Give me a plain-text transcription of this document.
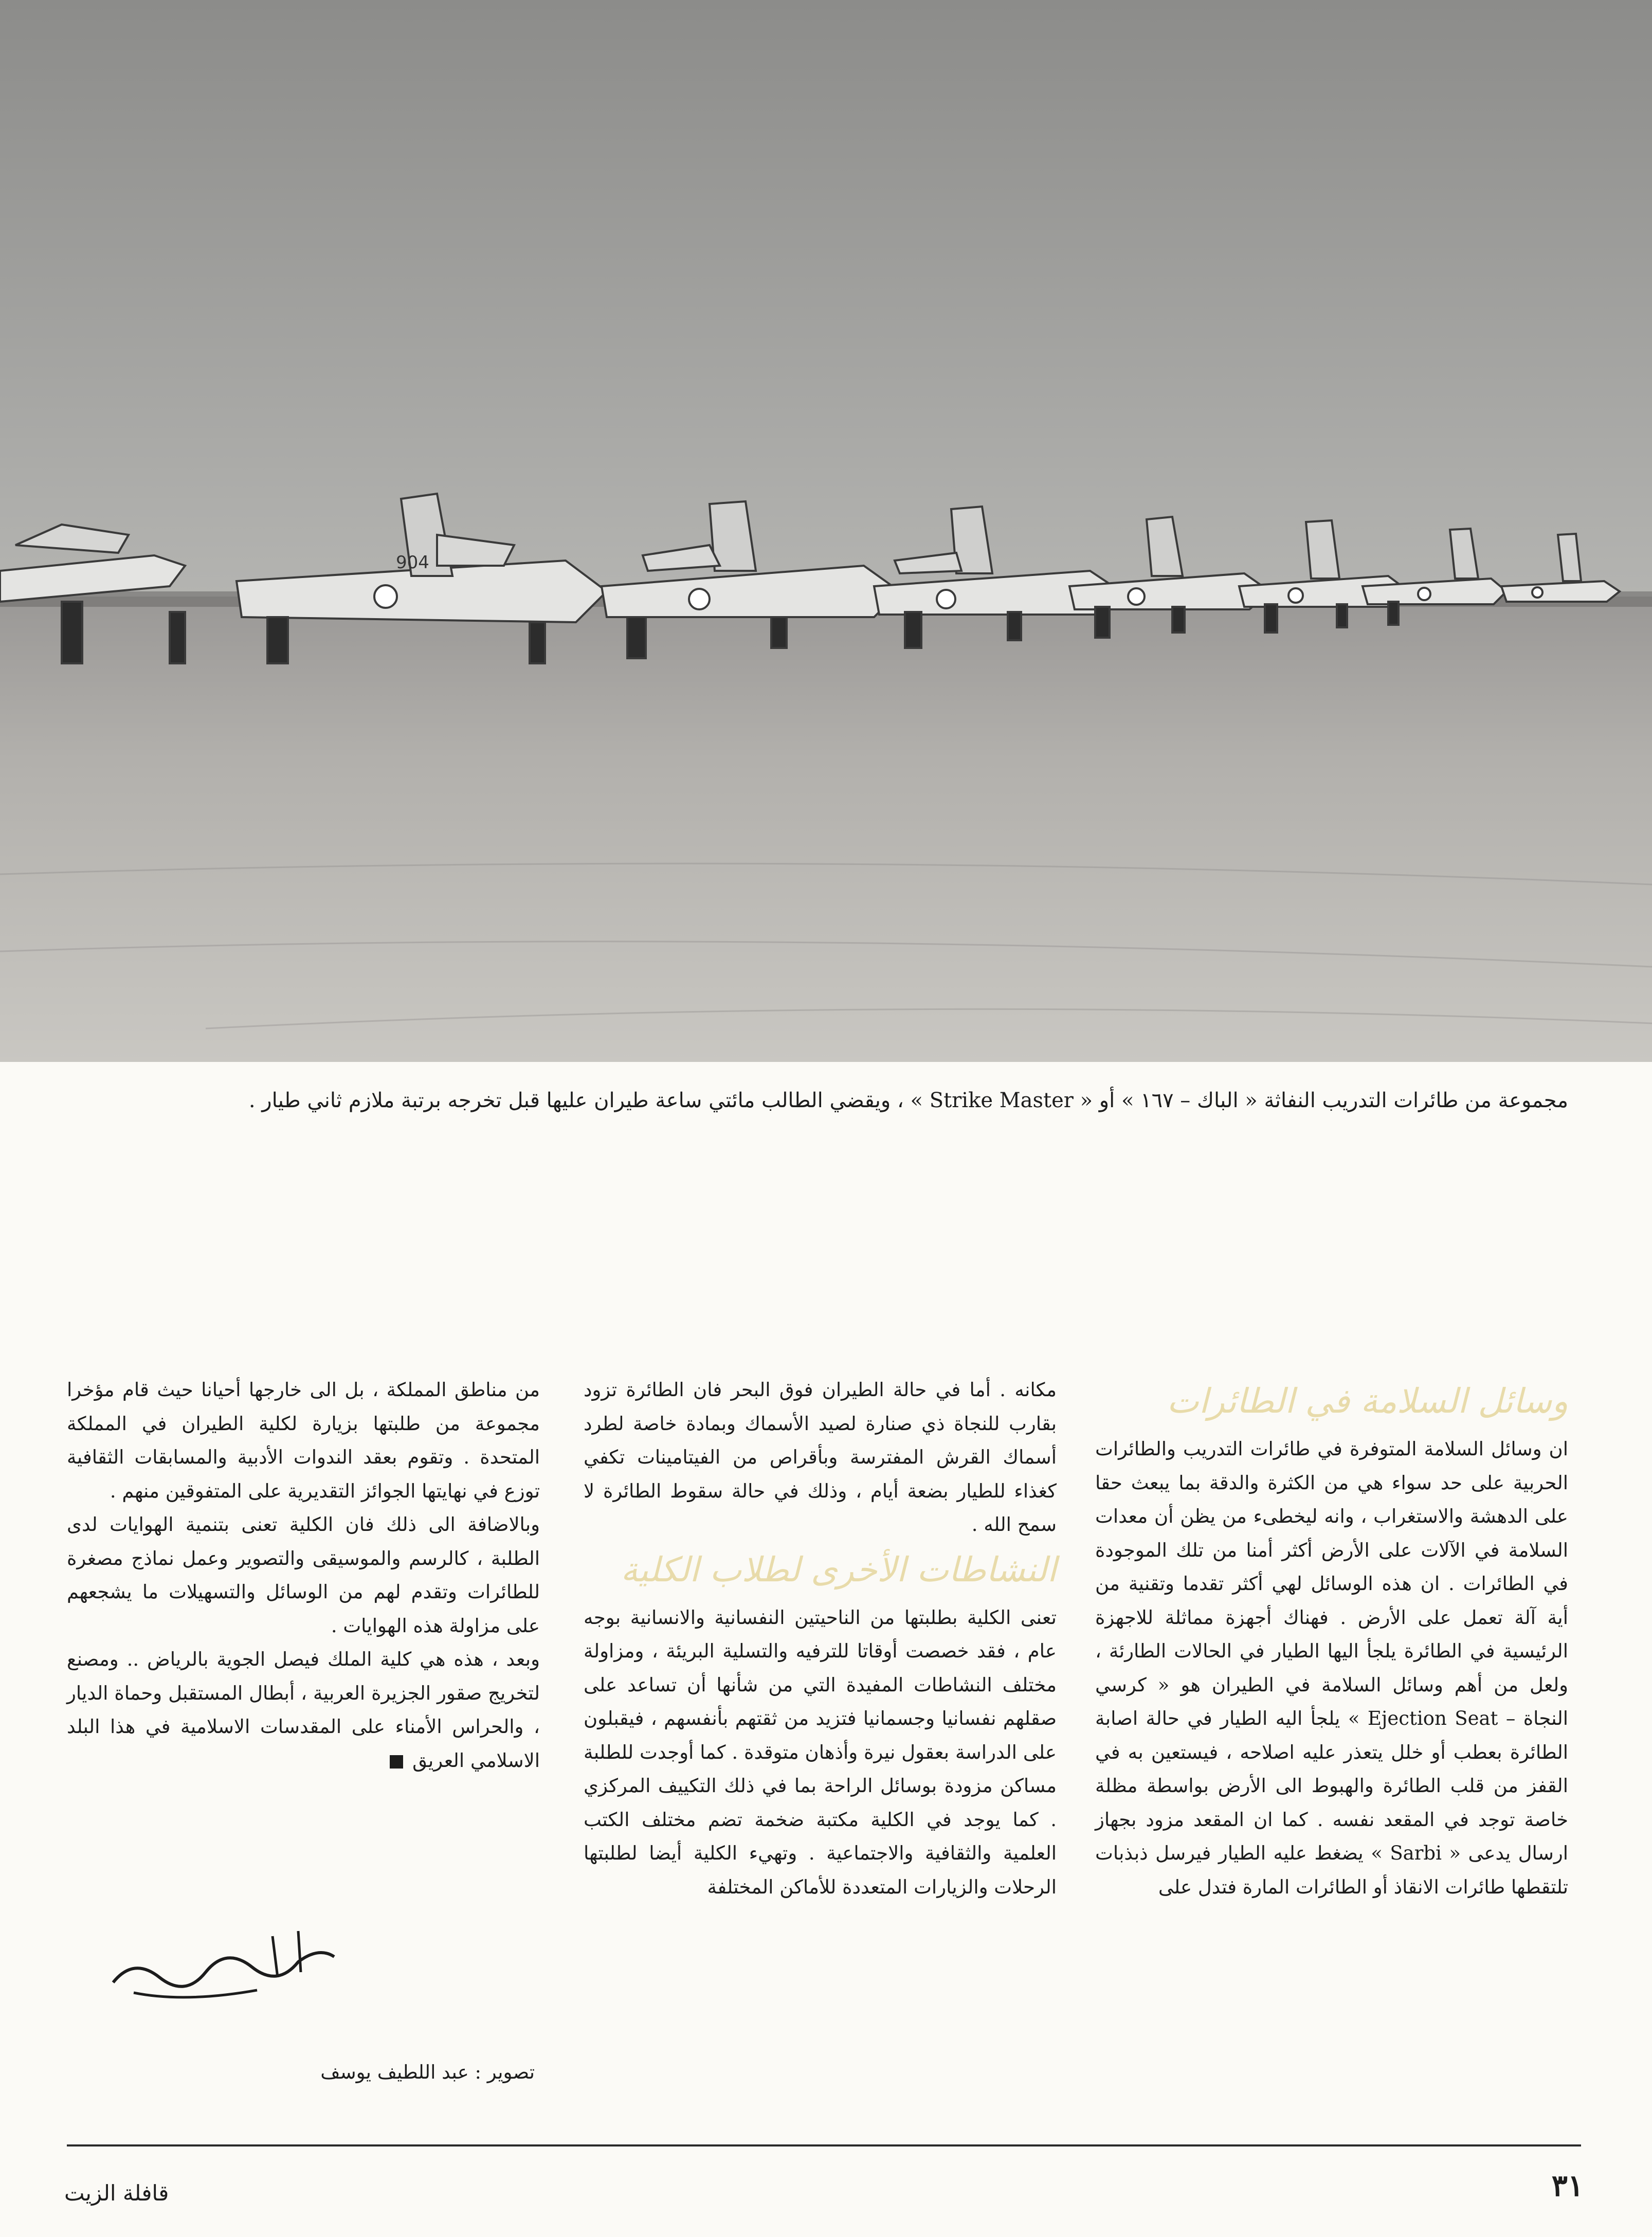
904
مجموعة من طائرات التدريب النفاثة « الباك – ١٦٧ » أو « Strike Master » ، ويقضي الطالب مائتي ساعة طيران عليها قبل تخرجه برتبة ملازم ثاني طيار .
وسائل السلامة في الطائرات

ان وسائل السلامة المتوفرة في طائرات التدريب والطائرات الحربية على حد سواء هي من الكثرة والدقة بما يبعث حقا على الدهشة والاستغراب ، وانه ليخطىء من يظن أن معدات السلامة في الآلات على الأرض أكثر أمنا من تلك الموجودة في الطائرات . ان هذه الوسائل لهي أكثر تقدما وتقنية من أية آلة تعمل على الأرض . فهناك أجهزة مماثلة للاجهزة الرئيسية في الطائرة يلجأ اليها الطيار في الحالات الطارئة ، ولعل من أهم وسائل السلامة في الطيران هو « كرسي النجاة – Ejection Seat » يلجأ اليه الطيار في حالة اصابة الطائرة بعطب أو خلل يتعذر عليه اصلاحه ، فيستعين به في القفز من قلب الطائرة والهبوط الى الأرض بواسطة مظلة خاصة توجد في المقعد نفسه . كما ان المقعد مزود بجهاز ارسال يدعى « Sarbi » يضغط عليه الطيار فيرسل ذبذبات تلتقطها طائرات الانقاذ أو الطائرات المارة فتدل على

مكانه . أما في حالة الطيران فوق البحر فان الطائرة تزود بقارب للنجاة ذي صنارة لصيد الأسماك وبمادة خاصة لطرد أسماك القرش المفترسة وبأقراص من الفيتامينات تكفي كغذاء للطيار بضعة أيام ، وذلك في حالة سقوط الطائرة لا سمح الله .

النشاطات الأخرى لطلاب الكلية

تعنى الكلية بطلبتها من الناحيتين النفسانية والانسانية بوجه عام ، فقد خصصت أوقاتا للترفيه والتسلية البريئة ، ومزاولة مختلف النشاطات المفيدة التي من شأنها أن تساعد على صقلهم نفسانيا وجسمانيا فتزيد من ثقتهم بأنفسهم ، فيقبلون على الدراسة بعقول نيرة وأذهان متوقدة . كما أوجدت للطلبة مساكن مزودة بوسائل الراحة بما في ذلك التكييف المركزي . كما يوجد في الكلية مكتبة ضخمة تضم مختلف الكتب العلمية والثقافية والاجتماعية . وتهيء الكلية أيضا لطلبتها الرحلات والزيارات المتعددة للأماكن المختلفة

من مناطق المملكة ، بل الى خارجها أحيانا حيث قام مؤخرا مجموعة من طلبتها بزيارة لكلية الطيران في المملكة المتحدة . وتقوم بعقد الندوات الأدبية والمسابقات الثقافية توزع في نهايتها الجوائز التقديرية على المتفوقين منهم .

وبالاضافة الى ذلك فان الكلية تعنى بتنمية الهوايات لدى الطلبة ، كالرسم والموسيقى والتصوير وعمل نماذج مصغرة للطائرات وتقدم لهم من الوسائل والتسهيلات ما يشجعهم على مزاولة هذه الهوايات .

وبعد ، هذه هي كلية الملك فيصل الجوية بالرياض .. ومصنع لتخريج صقور الجزيرة العربية ، أبطال المستقبل وحماة الديار ، والحراس الأمناء على المقدسات الاسلامية في هذا البلد الاسلامي العريق

تصوير : عبد اللطيف يوسف
٣١
قافلة الزيت
